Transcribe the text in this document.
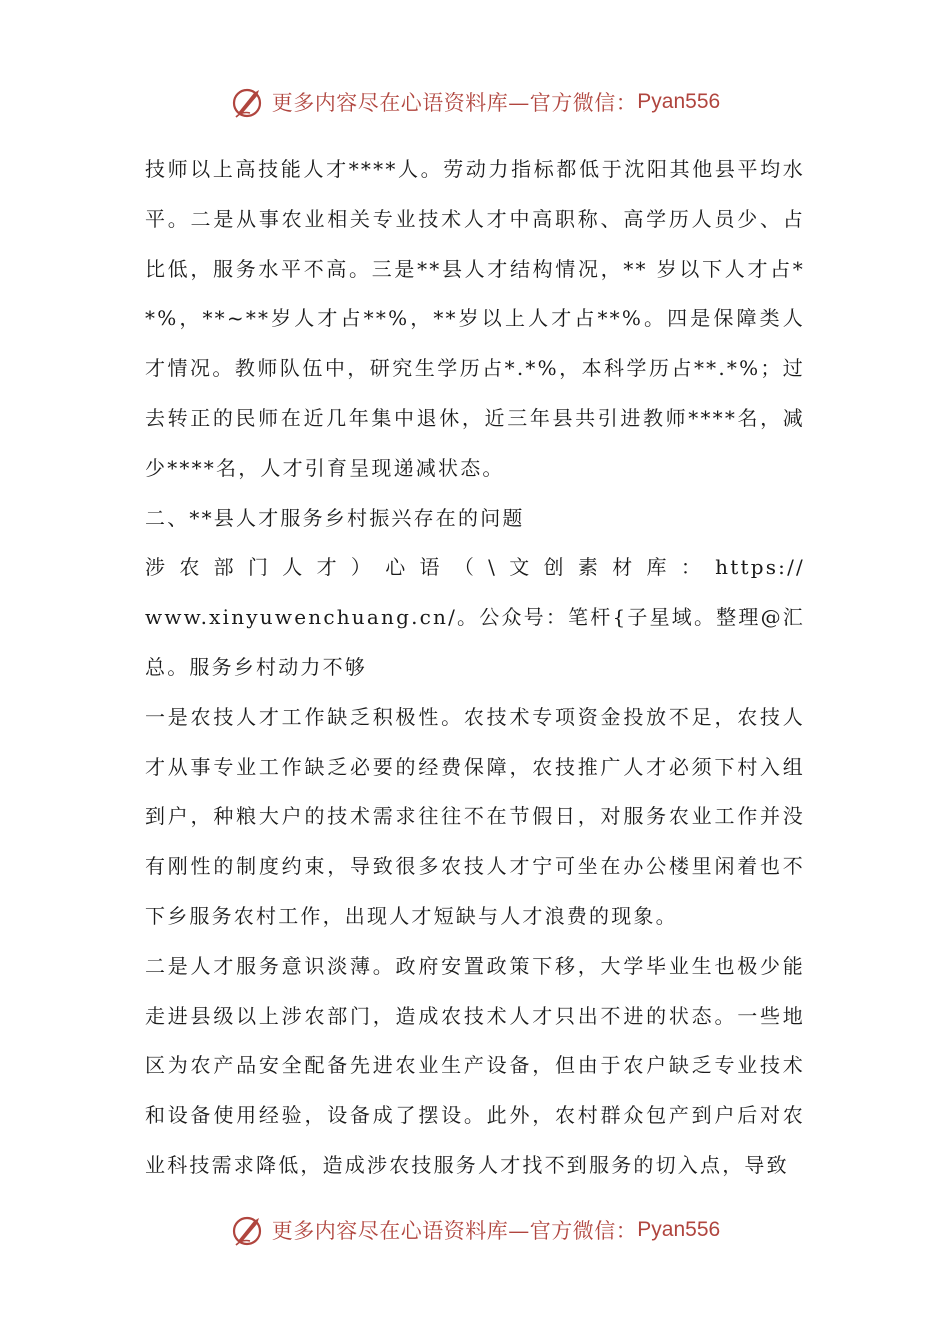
更多内容尽在心语资料库—官方微信： Pyan556

技师以上高技能人才****人。劳动力指标都低于沈阳其他县平均水平。二是从事农业相关专业技术人才中高职称、高学历人员少、占比低，服务水平不高。三是**县人才结构情况，** 岁以下人才占**%，**~**岁人才占**%，**岁以上人才占**%。四是保障类人才情况。教师队伍中，研究生学历占*.*%，本科学历占**.*%；过去转正的民师在近几年集中退休，近三年县共引进教师****名，减少****名，人才引育呈现递减状态。

二、**县人才服务乡村振兴存在的问题

涉农部门人才）心语（\文创素材库：https://

www.xinyuwenchuang.cn/。公众号：笔杆{子星域。整理@汇总。服务乡村动力不够

一是农技人才工作缺乏积极性。农技术专项资金投放不足，农技人才从事专业工作缺乏必要的经费保障，农技推广人才必须下村入组到户，种粮大户的技术需求往往不在节假日，对服务农业工作并没有刚性的制度约束，导致很多农技人才宁可坐在办公楼里闲着也不下乡服务农村工作，出现人才短缺与人才浪费的现象。

二是人才服务意识淡薄。政府安置政策下移，大学毕业生也极少能走进县级以上涉农部门，造成农技术人才只出不进的状态。一些地区为农产品安全配备先进农业生产设备，但由于农户缺乏专业技术和设备使用经验，设备成了摆设。此外，农村群众包产到户后对农业科技需求降低，造成涉农技服务人才找不到服务的切入点，导致

更多内容尽在心语资料库—官方微信： Pyan556
